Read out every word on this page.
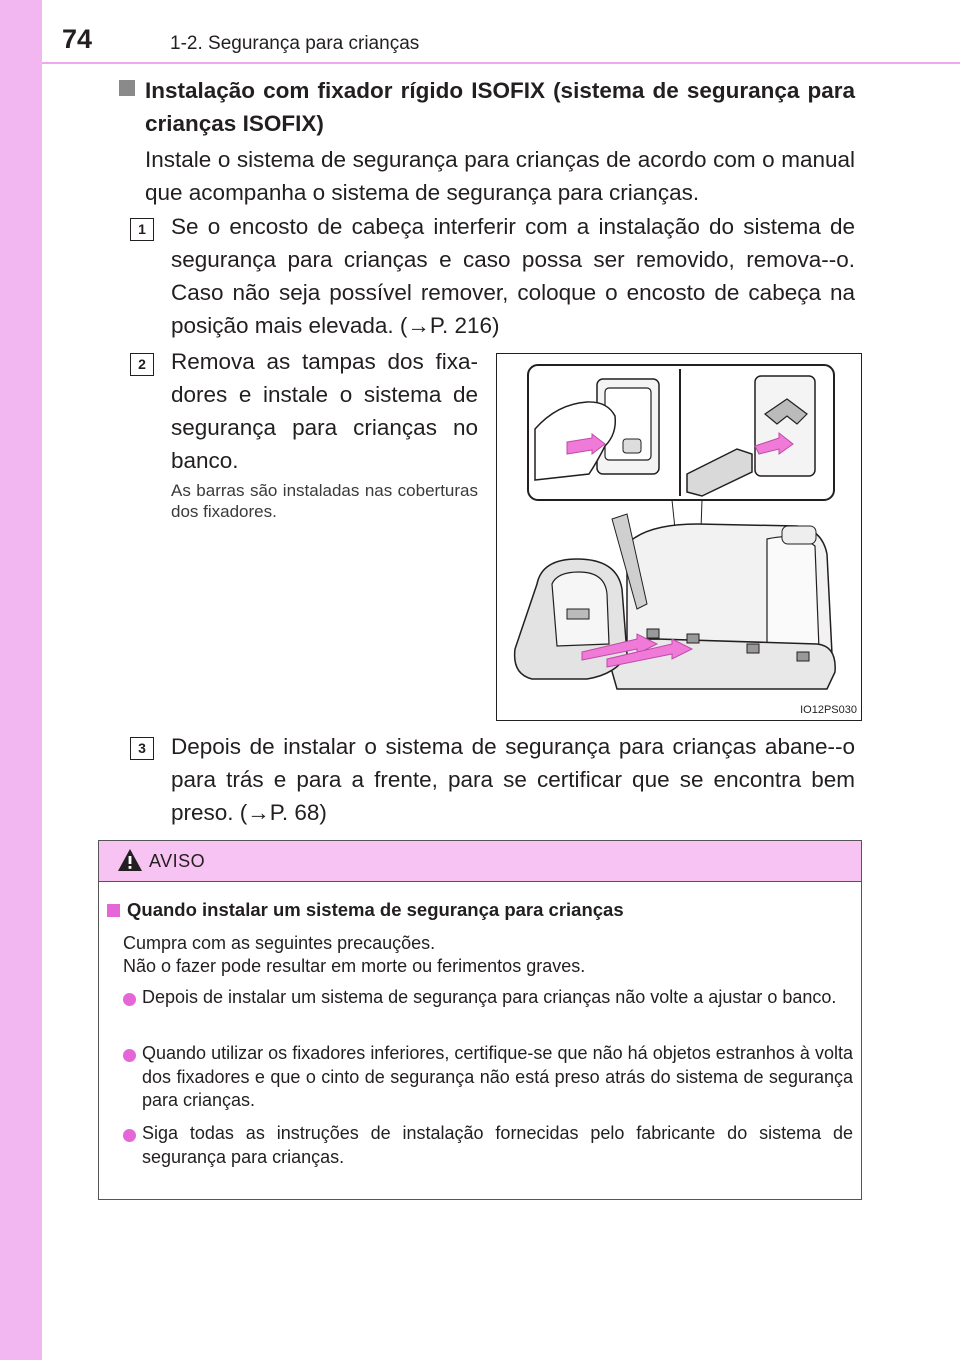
74	1-2. Segurança para crianças
Instalação com fixador rígido ISOFIX (sistema de segurança para crianças ISOFIX)
Instale o sistema de segurança para crianças de acordo com o manual que acompanha o sistema de segurança para crianças.
1	Se o encosto de cabeça interferir com a instalação do sistema de segurança para crianças e caso possa ser removido, remova--o. Caso não seja possível remover, coloque o encosto de cabeça na posição mais elevada. (→P. 216)
2	Remova as tampas dos fixa-dores e instale o sistema de segurança para crianças no banco.
As barras são instaladas nas coberturas dos fixadores.
IO12PS030
3	Depois de instalar o sistema de segurança para crianças abane--o para trás e para a frente, para se certificar que se encontra bem preso. (→P. 68)
AVISO
Quando instalar um sistema de segurança para crianças
Cumpra com as seguintes precauções.
Não o fazer pode resultar em morte ou ferimentos graves.
Depois de instalar um sistema de segurança para crianças não volte a ajustar o banco.
Quando utilizar os fixadores inferiores, certifique-se que não há objetos estranhos à volta dos fixadores e que o cinto de segurança não está preso atrás do sistema de segurança para crianças.
Siga todas as instruções de instalação fornecidas pelo fabricante do sistema de segurança para crianças.
